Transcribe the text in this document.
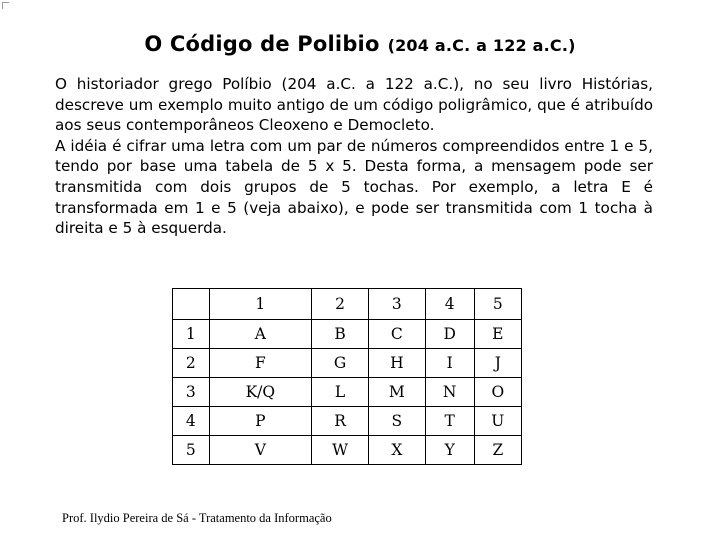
O Código de Polibio (204 a.C. a 122 a.C.)

O historiador grego Políbio (204 a.C. a 122 a.C.), no seu livro Histórias, descreve um exemplo muito antigo de um código poligrâmico, que é atribuído aos seus contemporâneos Cleoxeno e Democleto.

A idéia é cifrar uma letra com um par de números compreendidos entre 1 e 5, tendo por base uma tabela de 5 x 5. Desta forma, a mensagem pode ser transmitida com dois grupos de 5 tochas. Por exemplo, a letra E é transformada em 1 e 5 (veja abaixo), e pode ser transmitida com 1 tocha à direita e 5 à esquerda.

	1	2	3	4	5
1	A	B	C	D	E
2	F	G	H	I	J
3	K/Q	L	M	N	O
4	P	R	S	T	U
5	V	W	X	Y	Z
Prof. Ilydio Pereira de Sá - Tratamento da Informação
